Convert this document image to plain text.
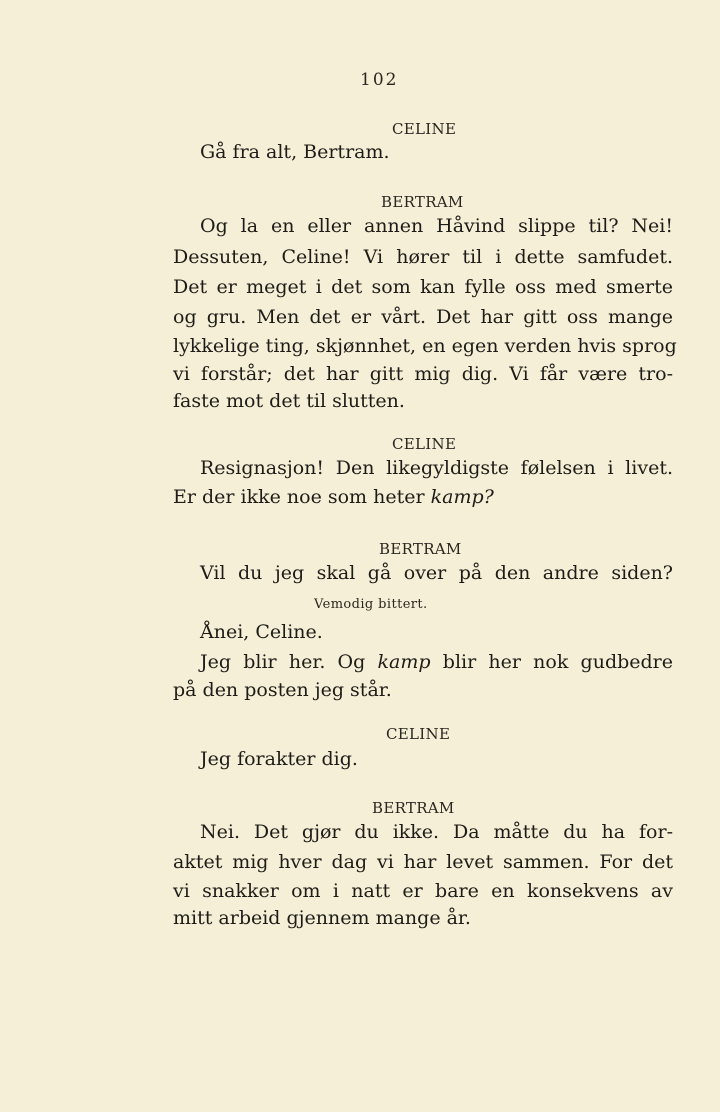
102
CELINE
Gå fra alt, Bertram.
BERTRAM
Og la en eller annen Håvind slippe til? Nei!
Dessuten, Celine! Vi hører til i dette samfudet.
Det er meget i det som kan fylle oss med smerte
og gru. Men det er vårt. Det har gitt oss mange
lykkelige ting, skjønnhet, en egen verden hvis sprog
vi forstår; det har gitt mig dig. Vi får være tro-
faste mot det til slutten.
CELINE
Resignasjon! Den likegyldigste følelsen i livet.
Er der ikke noe som heter kamp?
BERTRAM
Vil du jeg skal gå over på den andre siden?
Vemodig bittert.
Ånei, Celine.
Jeg blir her. Og kamp blir her nok gudbedre
på den posten jeg står.
CELINE
Jeg forakter dig.
BERTRAM
Nei. Det gjør du ikke. Da måtte du ha for-
aktet mig hver dag vi har levet sammen. For det
vi snakker om i natt er bare en konsekvens av
mitt arbeid gjennem mange år.
